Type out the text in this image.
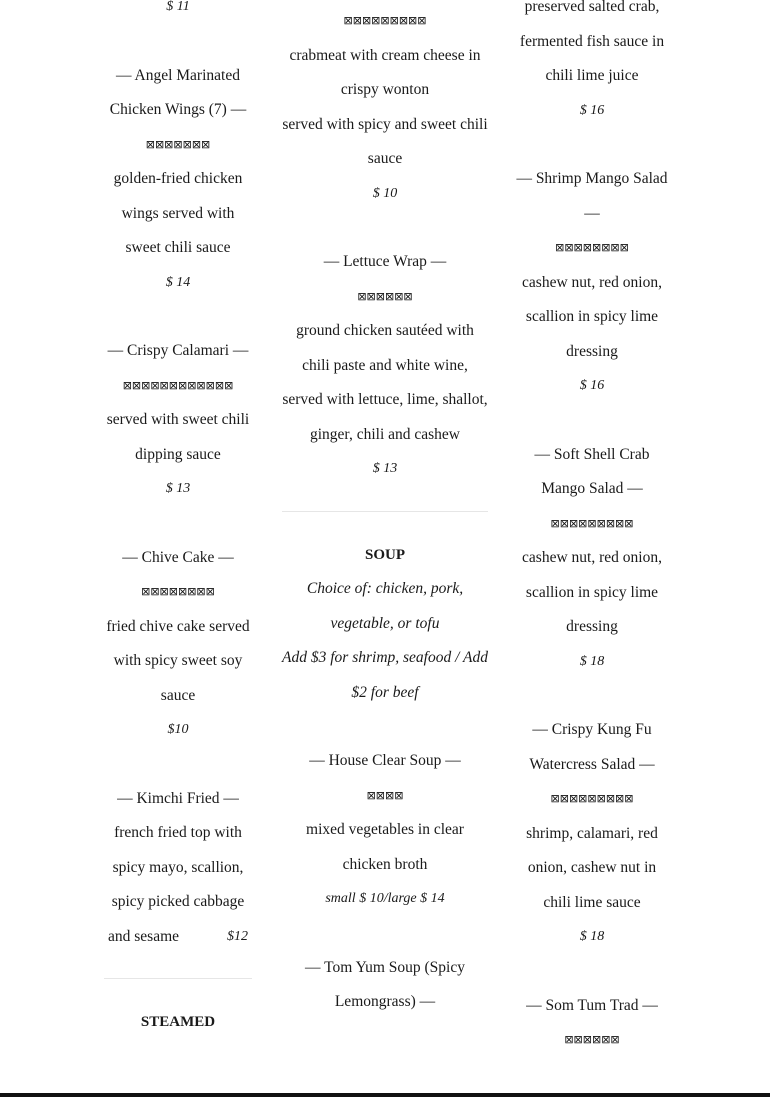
$ 11
— Angel Marinated Chicken Wings (7) —
⊠⊠⊠⊠⊠⊠⊠
golden-fried chicken wings served with sweet chili sauce
$ 14
— Crispy Calamari —
⊠⊠⊠⊠⊠⊠⊠⊠⊠⊠⊠⊠
served with sweet chili dipping sauce
$ 13
— Chive Cake —
⊠⊠⊠⊠⊠⊠⊠⊠
fried chive cake served with spicy sweet soy sauce
$10
— Kimchi Fried —
french fried top with spicy mayo, scallion, spicy picked cabbage
and sesame	$12
STEAMED
⊠⊠⊠⊠⊠⊠⊠⊠⊠
crabmeat with cream cheese in crispy wonton
served with spicy and sweet chili sauce
$ 10
— Lettuce Wrap —
⊠⊠⊠⊠⊠⊠
ground chicken sautéed with chili paste and white wine, served with lettuce, lime, shallot, ginger, chili and cashew
$ 13
SOUP
Choice of: chicken, pork, vegetable, or tofu
Add $3 for shrimp, seafood / Add $2 for beef
— House Clear Soup —
⊠⊠⊠⊠
mixed vegetables in clear chicken broth
small $ 10/large $ 14
— Tom Yum Soup (Spicy Lemongrass) —
preserved salted crab, fermented fish sauce in chili lime juice
$ 16
— Shrimp Mango Salad —
⊠⊠⊠⊠⊠⊠⊠⊠
cashew nut, red onion, scallion in spicy lime dressing
$ 16
— Soft Shell Crab Mango Salad —
⊠⊠⊠⊠⊠⊠⊠⊠⊠
cashew nut, red onion, scallion in spicy lime dressing
$ 18
— Crispy Kung Fu Watercress Salad —
⊠⊠⊠⊠⊠⊠⊠⊠⊠
shrimp, calamari, red onion, cashew nut in chili lime sauce
$ 18
— Som Tum Trad —
⊠⊠⊠⊠⊠⊠
